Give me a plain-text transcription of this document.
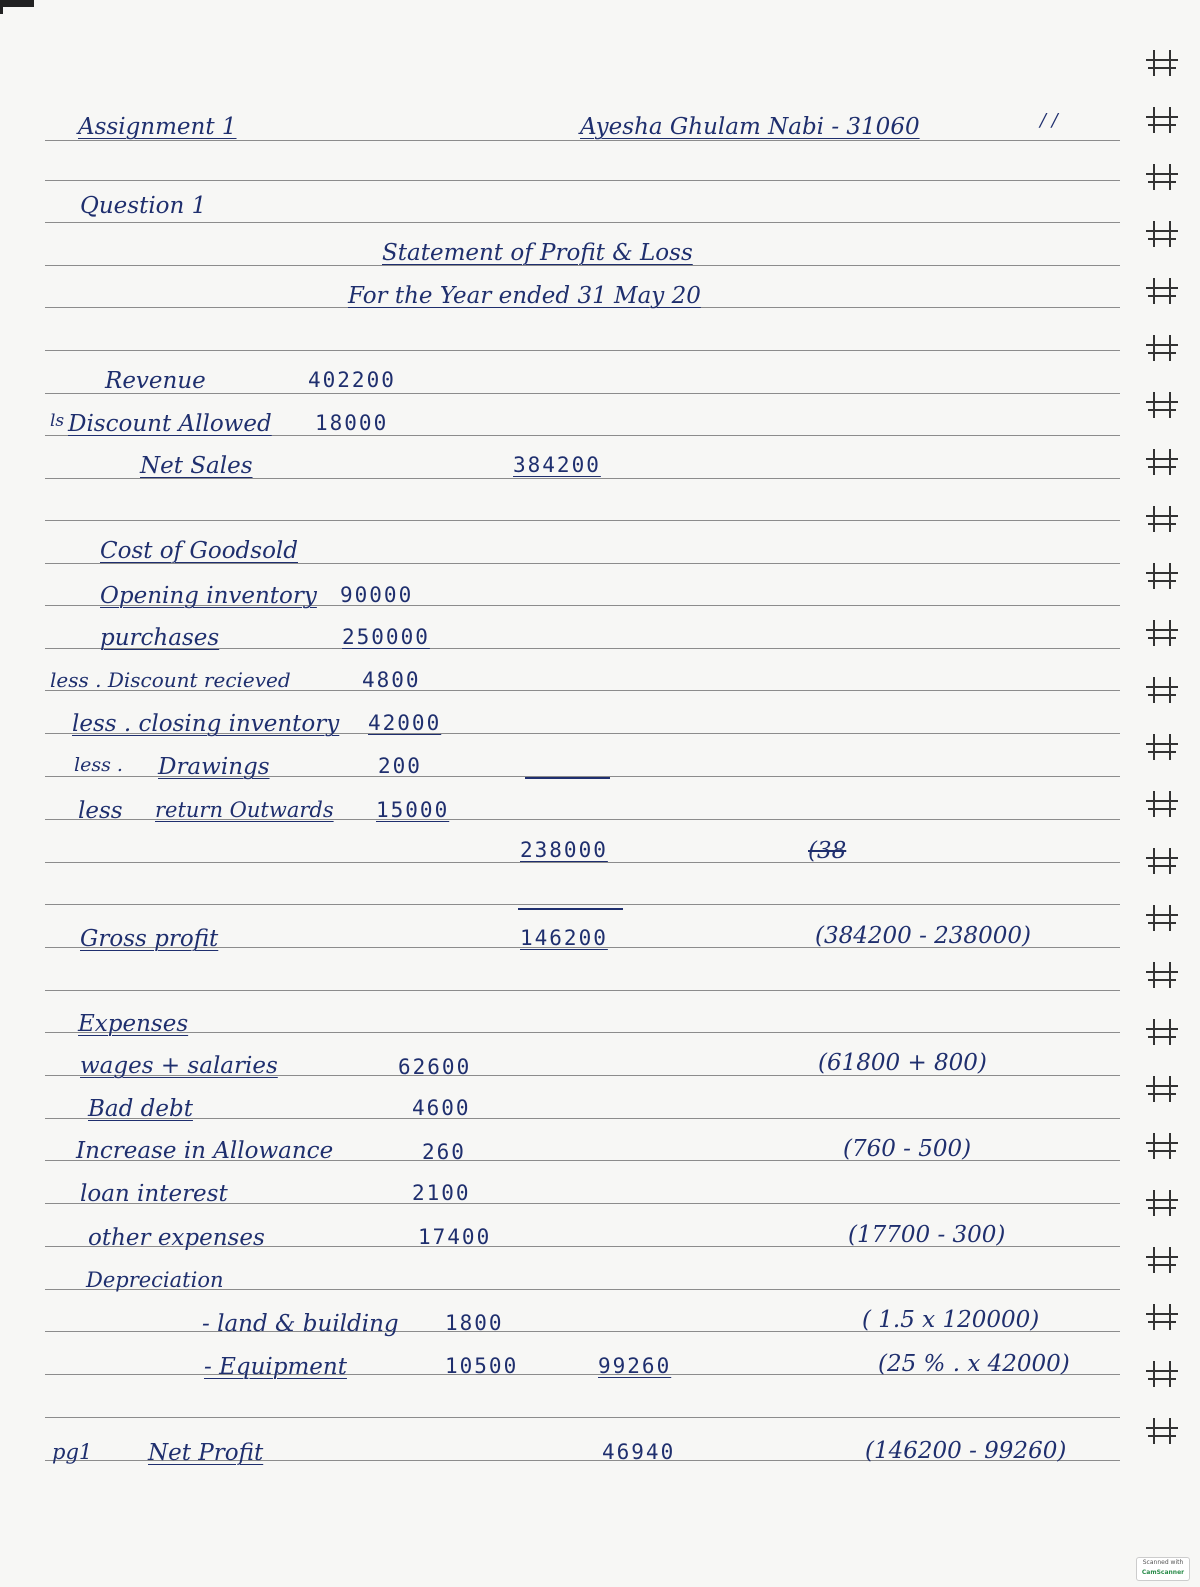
Assignment 1	Ayesha Ghulam Nabi - 31060	/ /
Question 1
Statement of Profit & Loss
For the Year ended 31 May 20
Revenue	402200
ls Discount Allowed 18000
Net Sales	384200
Cost of Goodsold
Opening inventory 90000
purchases	250000
less . Discount recieved	4800
less . closing inventory 42000
less . Drawings	200
less return Outwards 15000
238000	(38
Gross profit	146200	(384200 - 238000)
Expenses
wages + salaries	62600	(61800 + 800)
Bad debt	4600
Increase in Allowance	260	(760 - 500)
loan interest	2100
other expenses	17400	(17700 - 300)
Depreciation
- land & building 1800	( 1.5 x 120000)
- Equipment	10500	99260	(25 % . x 42000)
pg1 Net Profit	46940	(146200 - 99260)
Scanned with
CamScanner
